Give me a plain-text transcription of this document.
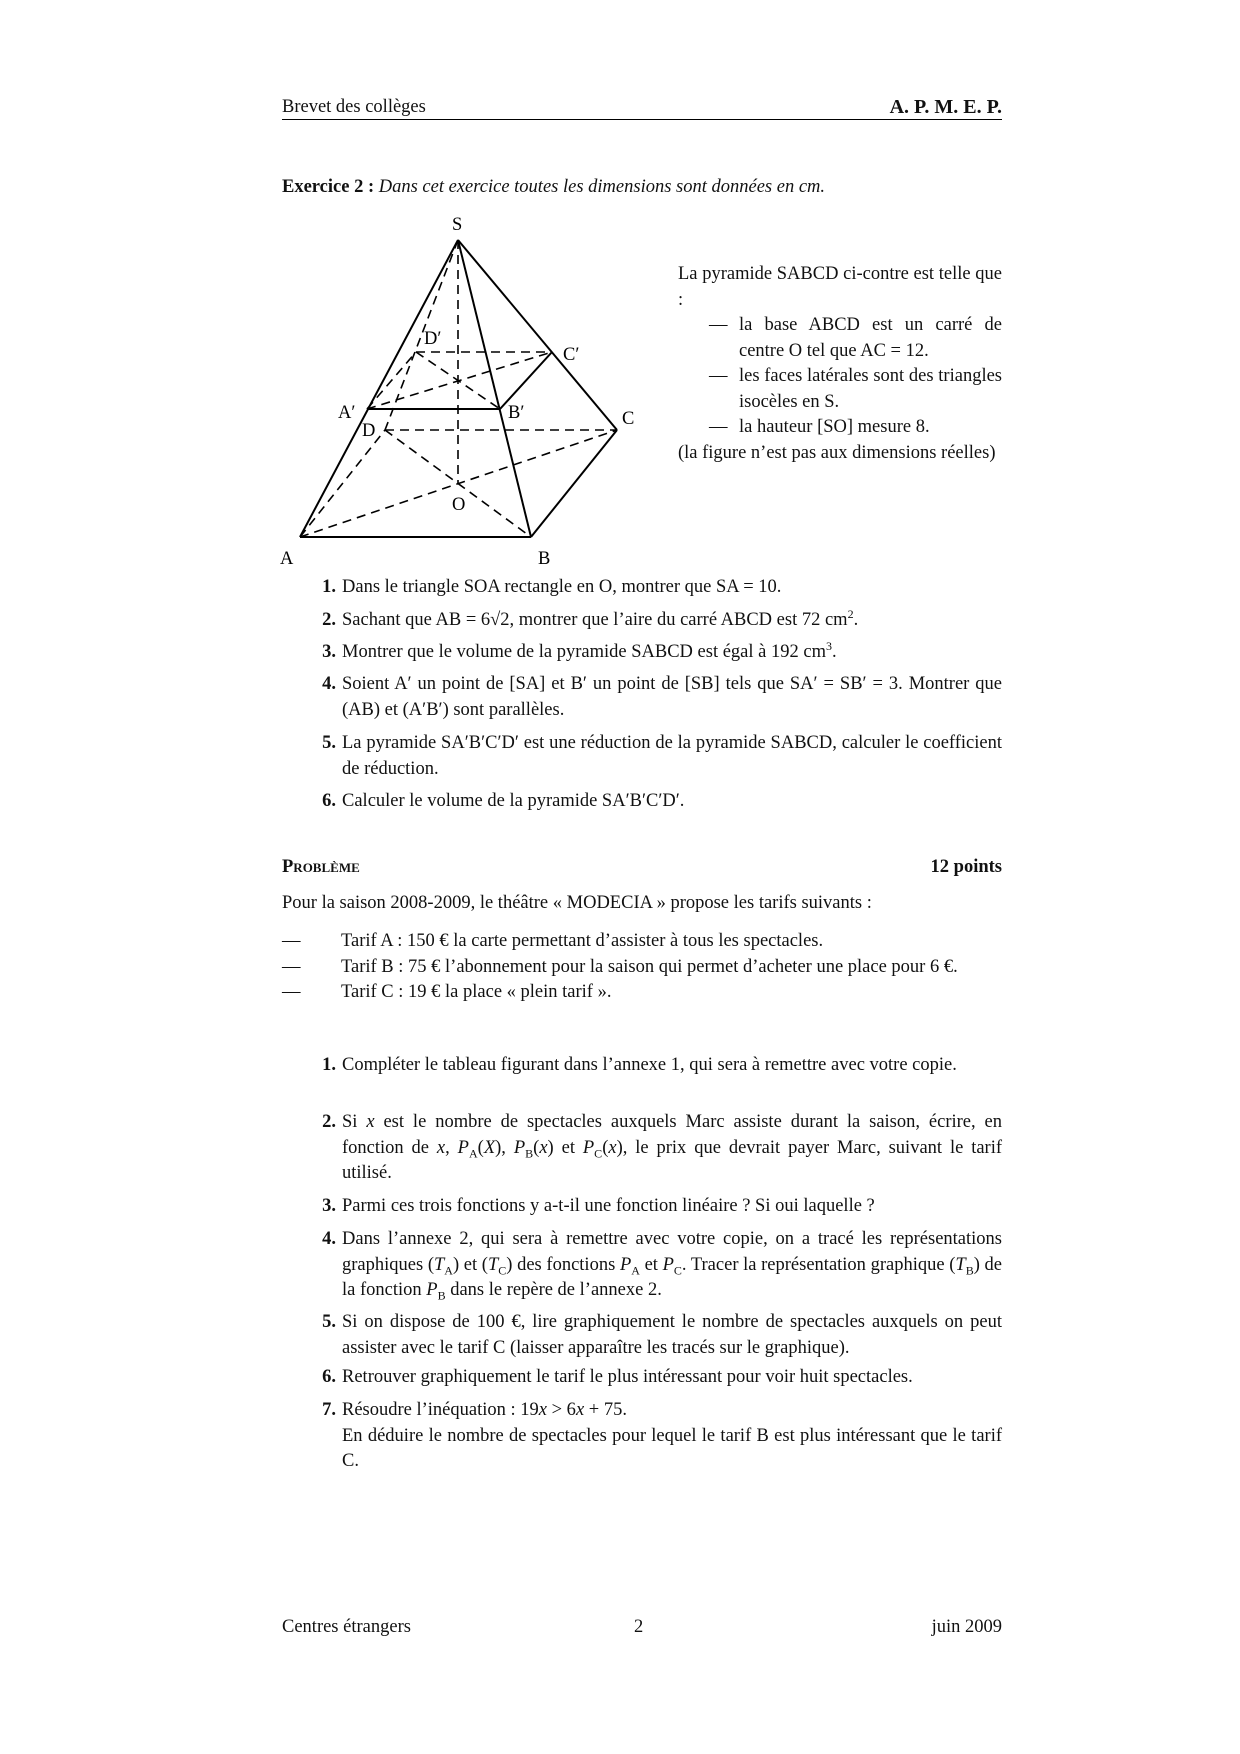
Brevet des collèges	A. P. M. E. P.
Exercice 2 : Dans cet exercice toutes les dimensions sont données en cm.
S
A	B
C
D
O
A′	B′
C′
D′
La pyramide SABCD ci-contre est telle que :
— la base ABCD est un carré de centre O tel que AC = 12.
— les faces latérales sont des triangles isocèles en S.
— la hauteur [SO] mesure 8.
(la figure n’est pas aux dimensions réelles)
1. Dans le triangle SOA rectangle en O, montrer que SA = 10.
2. Sachant que AB = 6√2, montrer que l’aire du carré ABCD est 72 $cm^2$.
3. Montrer que le volume de la pyramide SABCD est égal à 192 $cm^3$.
4. Soient A′ un point de [SA] et B′ un point de [SB] tels que SA′ = SB′ = 3. Montrer que (AB) et (A′B′) sont parallèles.
5. La pyramide SA′B′C′D′ est une réduction de la pyramide SABCD, calculer le coefficient de réduction.
6. Calculer le volume de la pyramide SA′B′C′D′.
Problème	12 points
Pour la saison 2008-2009, le théâtre « MODECIA » propose les tarifs suivants :
— Tarif A : 150 € la carte permettant d’assister à tous les spectacles.
— Tarif B : 75 € l’abonnement pour la saison qui permet d’acheter une place pour 6 €.
— Tarif C : 19 € la place « plein tarif ».
1. Compléter le tableau figurant dans l’annexe 1, qui sera à remettre avec votre copie.
2. Si x est le nombre de spectacles auxquels Marc assiste durant la saison, écrire, en fonction de x, $P_A(X)$, $P_B(x)$ et $P_C(x)$, le prix que devrait payer Marc, suivant le tarif utilisé.
3. Parmi ces trois fonctions y a-t-il une fonction linéaire ? Si oui laquelle ?
4. Dans l’annexe 2, qui sera à remettre avec votre copie, on a tracé les représentations graphiques $(T_A)$ et $(T_C)$ des fonctions $P_A$ et $P_C$. Tracer la représentation graphique $(T_B)$ de la fonction $P_B$ dans le repère de l’annexe 2.
5. Si on dispose de 100 €, lire graphiquement le nombre de spectacles auxquels on peut assister avec le tarif C (laisser apparaître les tracés sur le graphique).
6. Retrouver graphiquement le tarif le plus intéressant pour voir huit spectacles.
7. Résoudre l’inéquation : 19x > 6x + 75.
En déduire le nombre de spectacles pour lequel le tarif B est plus intéressant que le tarif C.
Centres étrangers	2	juin 2009
